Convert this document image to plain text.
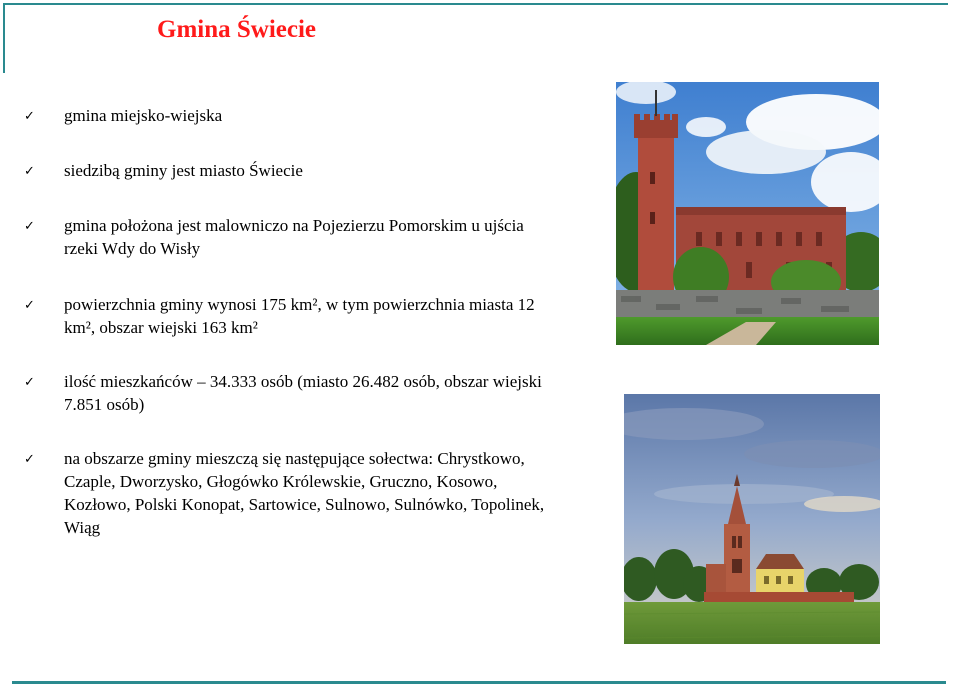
Gmina Świecie
✓ gmina miejsko-wiejska
✓ siedzibą gminy jest miasto Świecie
✓ gmina położona jest malowniczo na Pojezierzu Pomorskim u ujścia rzeki Wdy do Wisły
✓ powierzchnia gminy wynosi 175 km², w tym powierzchnia miasta 12 km², obszar wiejski 163 km²
✓ ilość mieszkańców – 34.333 osób (miasto 26.482 osób, obszar wiejski 7.851 osób)
✓ na obszarze gminy mieszczą się następujące sołectwa: Chrystkowo, Czaple, Dworzysko, Głogówko Królewskie, Gruczno, Kosowo, Kozłowo, Polski Konopat, Sartowice, Sulnowo, Sulnówko, Topolinek, Wiąg
